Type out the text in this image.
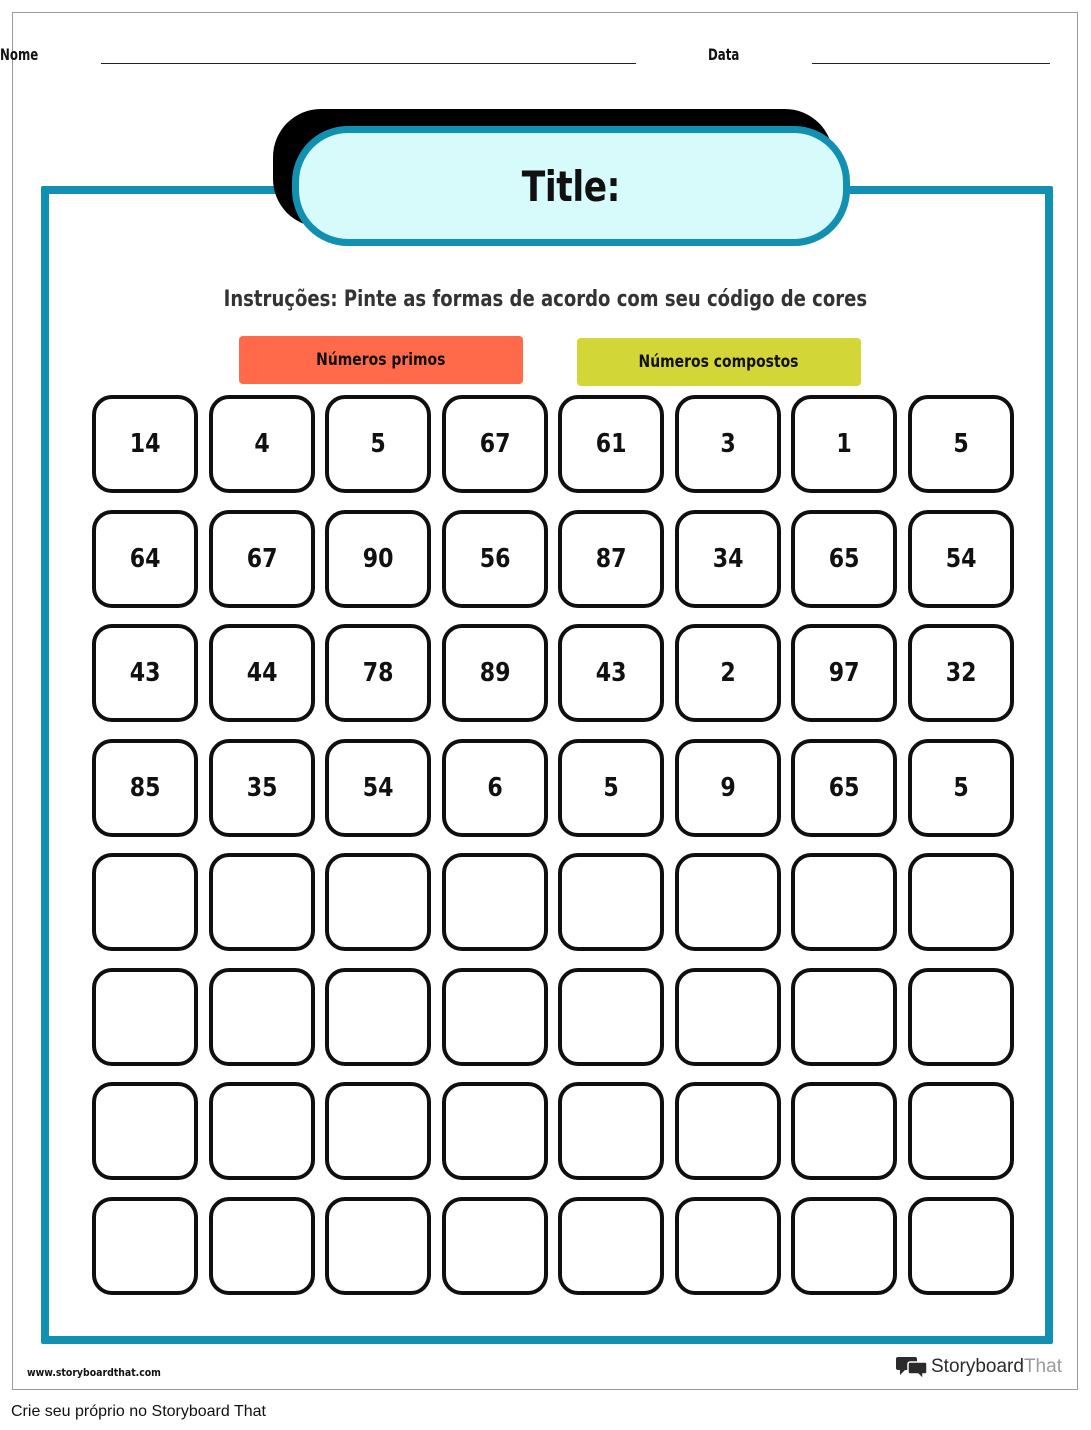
Nome	Data
Title:
Instruções: Pinte as formas de acordo com seu código de cores
Números primos	Números compostos
14	4	5	67	61	3	1	5
64	67	90	56	87	34	65	54
43	44	78	89	43	2	97	32
85	35	54	6	5	9	65	5
www.storyboardthat.com	StoryboardThat
Crie seu próprio no Storyboard That
